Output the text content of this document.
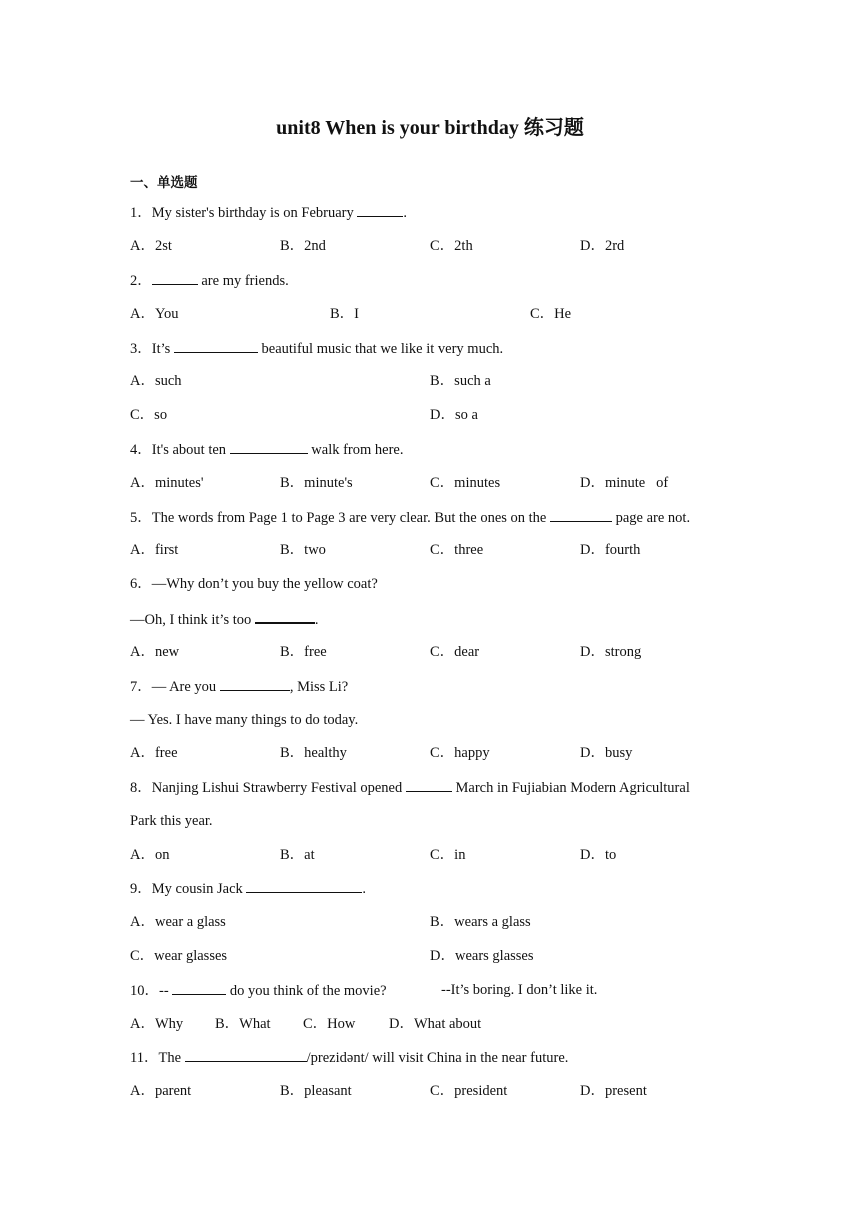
unit8 When is your birthday 练习题
一、单选题
1．My sister's birthday is on February	.
A．2st	B．2nd	C．2th	D．2rd
2．	are my friends.
A．You	B．I	C．He
3．It’s	beautiful music that we like it very much.
A．such	B．such a
C．so	D．so a
4．It's about ten	walk from here.
A．minutes'	B．minute's	C．minutes	D．minute   of
5．The words from Page 1 to Page 3 are very clear. But the ones on the	page are not.
A．first	B．two	C．three	D．fourth
6．—Why don’t you buy the yellow coat?
—Oh, I think it’s too	.
A．new	B．free	C．dear	D．strong
7．— Are you	, Miss Li?
— Yes. I have many things to do today.
A．free	B．healthy	C．happy	D．busy
8．Nanjing Lishui Strawberry Festival opened	March in Fujiabian Modern Agricultural
Park this year.
A．on	B．at	C．in	D．to
9．My cousin Jack	.
A．wear a glass	B．wears a glass
C．wear glasses	D．wears glasses
10．--	do you think of the movie?	--It’s boring. I don’t like it.
A．Why B．What C．How D．What about
11．The	/prezidənt/ will visit China in the near future.
A．parent	B．pleasant	C．president	D．present
